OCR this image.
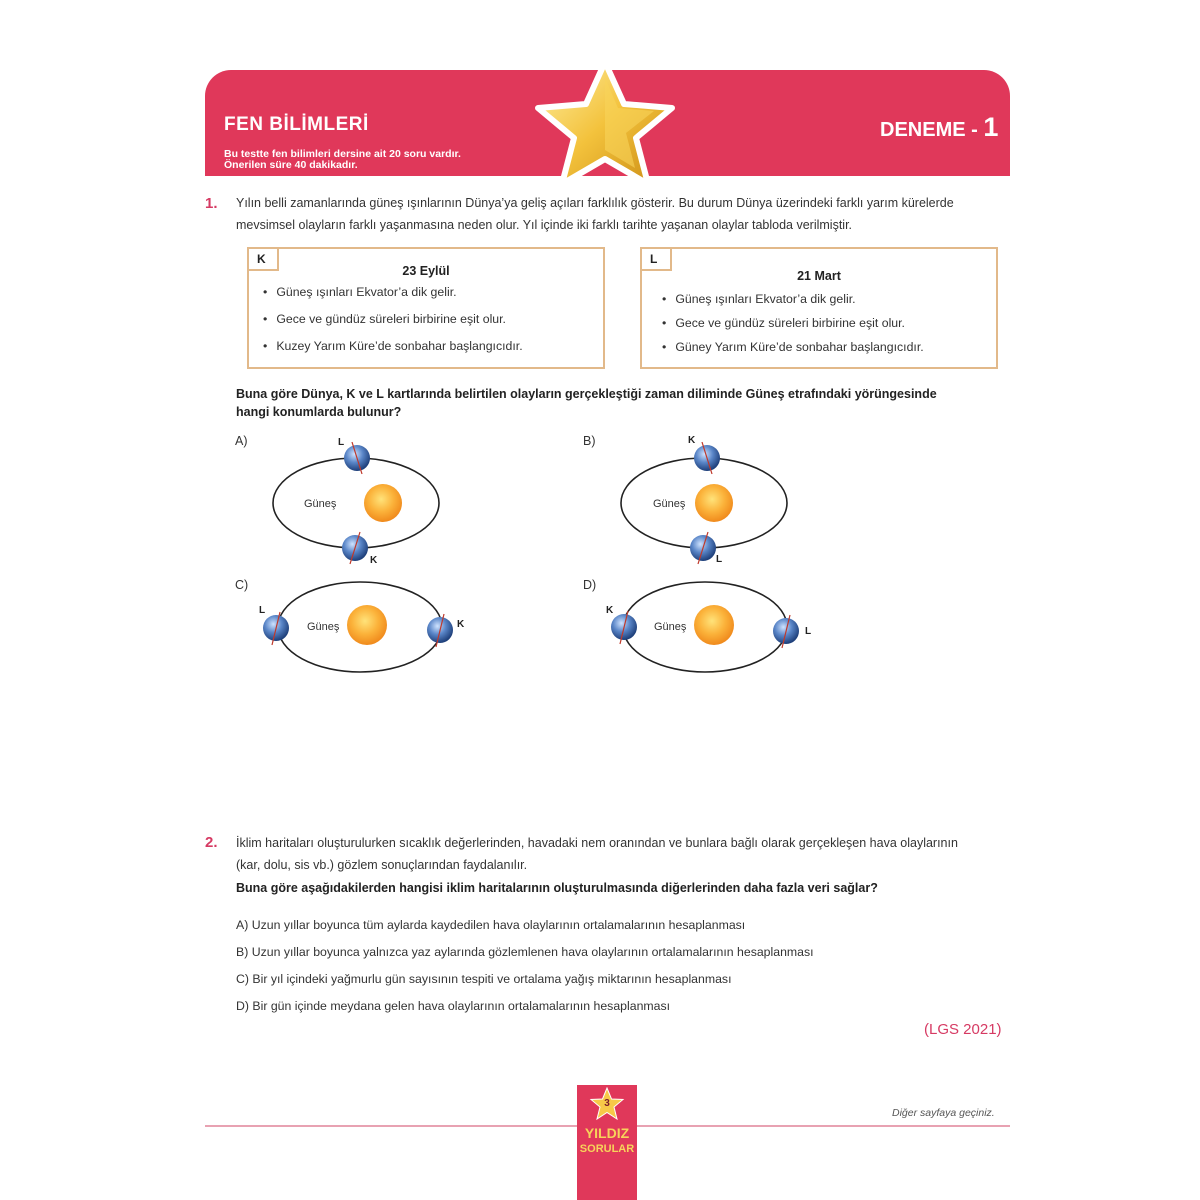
FEN BİLİMLERİ
Bu testte fen bilimleri dersine ait 20 soru vardır.
Önerilen süre 40 dakikadır.
DENEME - 1
1. Yılın belli zamanlarında güneş ışınlarının Dünya’ya geliş açıları farklılık gösterir. Bu durum Dünya üzerindeki farklı yarım kürelerde
mevsimsel olayların farklı yaşanmasına neden olur. Yıl içinde iki farklı tarihte yaşanan olaylar tabloda verilmiştir.
K
23 Eylül
• Güneş ışınları Ekvator’a dik gelir.
• Gece ve gündüz süreleri birbirine eşit olur.
• Kuzey Yarım Küre’de sonbahar başlangıcıdır.
L
21 Mart
• Güneş ışınları Ekvator’a dik gelir.
• Gece ve gündüz süreleri birbirine eşit olur.
• Güney Yarım Küre’de sonbahar başlangıcıdır.
Buna göre Dünya, K ve L kartlarında belirtilen olayların gerçekleştiği zaman diliminde Güneş etrafındaki yörüngesinde
hangi konumlarda bulunur?
A)
Güneş
L
K
B)
Güneş
K
L
C)
Güneş
L
K
D)
Güneş
K
L
2. İklim haritaları oluşturulurken sıcaklık değerlerinden, havadaki nem oranından ve bunlara bağlı olarak gerçekleşen hava olaylarının
(kar, dolu, sis vb.) gözlem sonuçlarından faydalanılır.
Buna göre aşağıdakilerden hangisi iklim haritalarının oluşturulmasında diğerlerinden daha fazla veri sağlar?
A) Uzun yıllar boyunca tüm aylarda kaydedilen hava olaylarının ortalamalarının hesaplanması
B) Uzun yıllar boyunca yalnızca yaz aylarında gözlemlenen hava olaylarının ortalamalarının hesaplanması
C) Bir yıl içindeki yağmurlu gün sayısının tespiti ve ortalama yağış miktarının hesaplanması
D) Bir gün içinde meydana gelen hava olaylarının ortalamalarının hesaplanması
(LGS 2021)
Diğer sayfaya geçiniz.
3
YILDIZ
SORULAR
